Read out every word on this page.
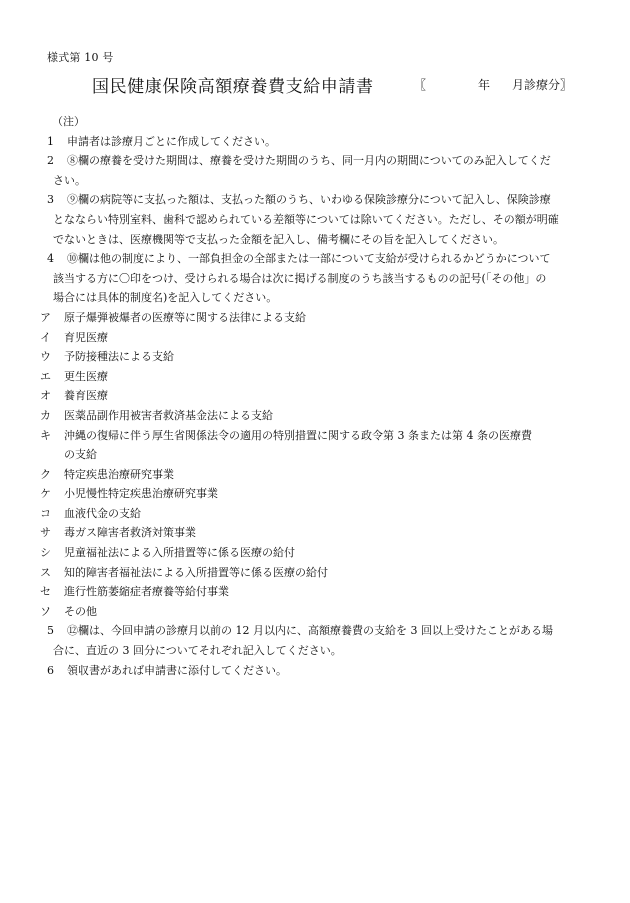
様式第 10 号
国民健康保険高額療養費支給申請書	〖	年 月診療分〗
（注）
1 申請者は診療月ごとに作成してください。
2 ⑧欄の療養を受けた期間は、療養を受けた期間のうち、同一月内の期間についてのみ記入してくだ
さい。
3 ⑨欄の病院等に支払った額は、支払った額のうち、いわゆる保険診療分について記入し、保険診療
となならい特別室料、歯科で認められている差額等については除いてください。ただし、その額が明確
でないときは、医療機関等で支払った金額を記入し、備考欄にその旨を記入してください。
4 ⑩欄は他の制度により、一部負担金の全部または一部について支給が受けられるかどうかについて
該当する方に〇印をつけ、受けられる場合は次に掲げる制度のうち該当するものの記号(「その他」の
場合には具体的制度名)を記入してください。
ア 原子爆弾被爆者の医療等に関する法律による支給
イ 育児医療
ウ 予防接種法による支給
エ 更生医療
オ 養育医療
カ 医薬品副作用被害者救済基金法による支給
キ 沖縄の復帰に伴う厚生省関係法令の適用の特別措置に関する政令第 3 条または第 4 条の医療費
の支給
ク 特定疾患治療研究事業
ケ 小児慢性特定疾患治療研究事業
コ 血液代金の支給
サ 毒ガス障害者救済対策事業
シ 児童福祉法による入所措置等に係る医療の給付
ス 知的障害者福祉法による入所措置等に係る医療の給付
セ 進行性筋萎縮症者療養等給付事業
ソ その他
5 ⑫欄は、今回申請の診療月以前の 12 月以内に、高額療養費の支給を 3 回以上受けたことがある場
合に、直近の 3 回分についてそれぞれ記入してください。
6 領収書があれば申請書に添付してください。
